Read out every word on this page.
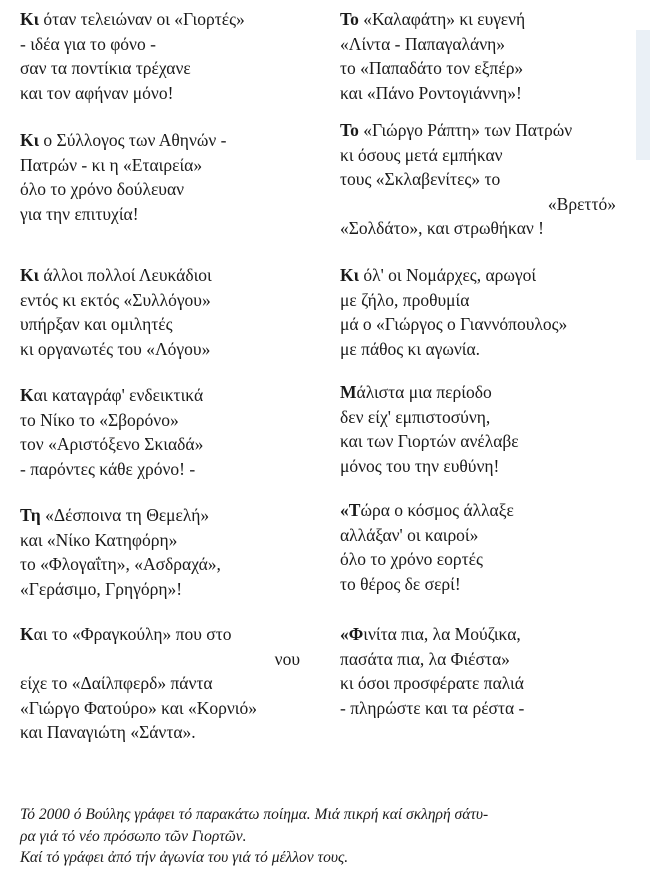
Κι όταν τελειώναν οι «Γιορτές»
- ιδέα για το φόνο -
σαν τα ποντίκια τρέχανε
και τον αφήναν μόνο!
Κι ο Σύλλογος των Αθηνών -
Πατρών - κι η «Εταιρεία»
όλο το χρόνο δούλευαν
για την επιτυχία!
Κι άλλοι πολλοί Λευκάδιοι
εντός κι εκτός «Συλλόγου»
υπήρξαν και ομιλητές
κι οργανωτές του «Λόγου»
Και καταγράφ' ενδεικτικά
το Νίκο το «Σβορόνο»
τον «Αριστόξενο Σκιαδά»
- παρόντες κάθε χρόνο! -
Τη «Δέσποινα τη Θεμελή»
και «Νίκο Κατηφόρη»
το «Φλογαΐτη», «Ασδραχά»,
«Γεράσιμο, Γρηγόρη»!
Και το «Φραγκούλη» που στο
νου
είχε το «Δαίλπφερδ» πάντα
«Γιώργο Φατούρο» και «Κορνιό»
και Παναγιώτη «Σάντα».
Το «Καλαφάτη» κι ευγενή
«Λίντα - Παπαγαλάνη»
το «Παπαδάτο τον εξπέρ»
και «Πάνο Ροντογιάννη»!
Το «Γιώργο Ράπτη» των Πατρών
κι όσους μετά εμπήκαν
τους «Σκλαβενίτες» το
«Βρεττό»
«Σολδάτο», και στρωθήκαν !
Κι όλ' οι Νομάρχες, αρωγοί
με ζήλο, προθυμία
μά ο «Γιώργος ο Γιαννόπουλος»
με πάθος κι αγωνία.
Μάλιστα μια περίοδο
δεν είχ' εμπιστοσύνη,
και των Γιορτών ανέλαβε
μόνος του την ευθύνη!
«Τώρα ο κόσμος άλλαξε
αλλάξαν' οι καιροί»
όλο το χρόνο εορτές
το θέρος δε σερί!
«Φινίτα πια, λα Μούζικα,
πασάτα πια, λα Φιέστα»
κι όσοι προσφέρατε παλιά
- πληρώστε και τα ρέστα -
Τό 2000 ό Βούλης γράφει τό παρακάτω ποίημα. Μιά πικρή καί σκληρή σάτυ-
ρα γιά τό νέο πρόσωπο τῶν Γιορτῶν.
Καί τό γράφει ἀπό τήν ἀγωνία του γιά τό μέλλον τους.
